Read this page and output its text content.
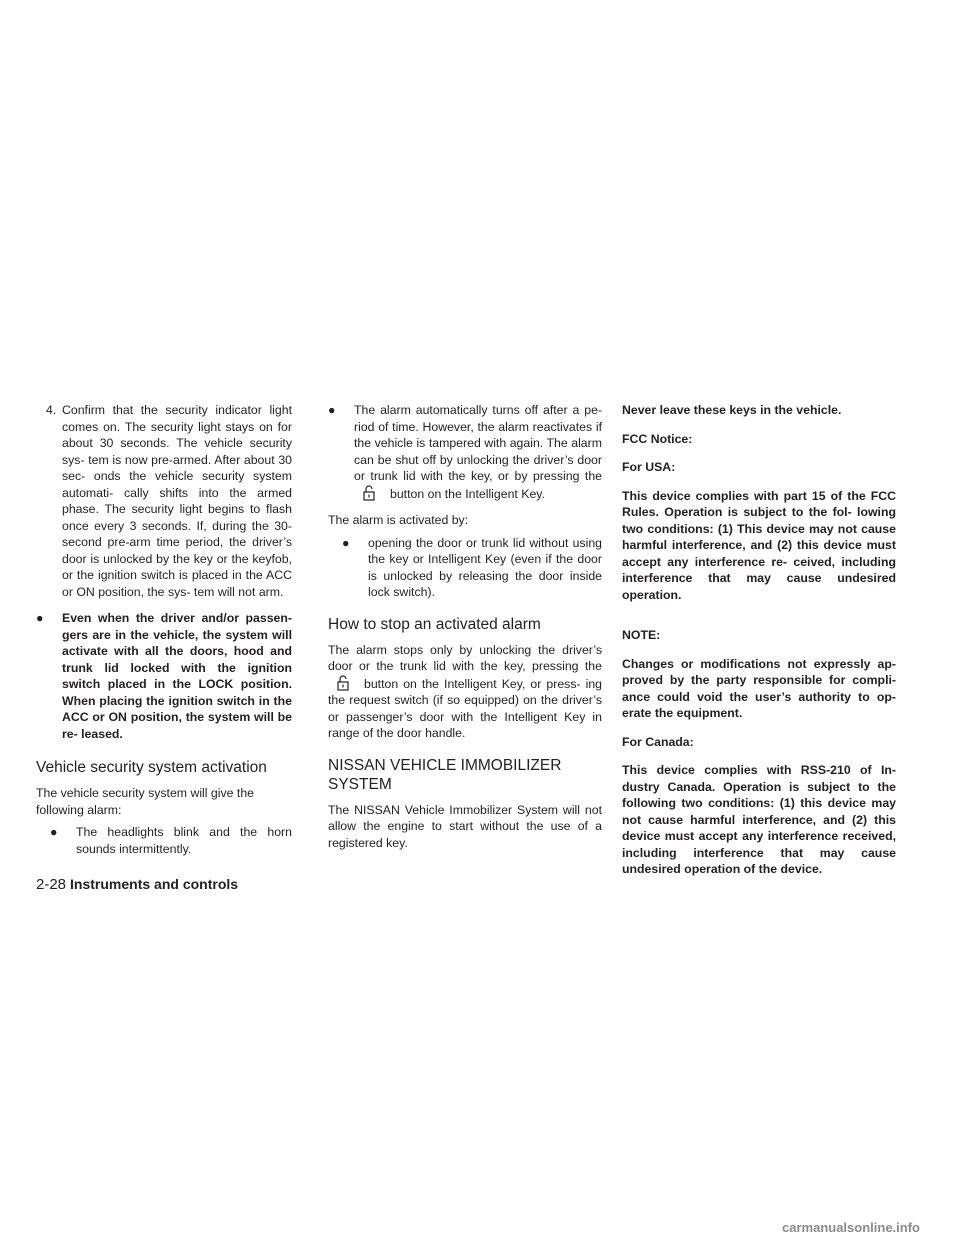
4. Confirm that the security indicator light comes on. The security light stays on for about 30 seconds. The vehicle security sys- tem is now pre-armed. After about 30 sec- onds the vehicle security system automati- cally shifts into the armed phase. The security light begins to flash once every 3 seconds. If, during the 30-second pre-arm time period, the driver’s door is unlocked by the key or the keyfob, or the ignition switch is placed in the ACC or ON position, the sys- tem will not arm.
● Even when the driver and/or passen- gers are in the vehicle, the system will activate with all the doors, hood and trunk lid locked with the ignition switch placed in the LOCK position. When placing the ignition switch in the ACC or ON position, the system will be re- leased.
Vehicle security system activation

The vehicle security system will give the following alarm:

● The headlights blink and the horn sounds intermittently.
● The alarm automatically turns off after a pe- riod of time. However, the alarm reactivates if the vehicle is tampered with again. The alarm can be shut off by unlocking the driver’s door or trunk lid with the key, or by pressing thebutton on the Intelligent Key.

The alarm is activated by:

● opening the door or trunk lid without using the key or Intelligent Key (even if the door is unlocked by releasing the door inside lock switch).
How to stop an activated alarm

The alarm stops only by unlocking the driver’s door or the trunk lid with the key, pressing thebutton on the Intelligent Key, or press- ing the request switch (if so equipped) on the driver’s or passenger’s door with the Intelligent Key in range of the door handle.

NISSAN VEHICLE IMMOBILIZER
SYSTEM

The NISSAN Vehicle Immobilizer System will not allow the engine to start without the use of a registered key.

Never leave these keys in the vehicle.

FCC Notice:

For USA:

This device complies with part 15 of the FCC Rules. Operation is subject to the fol- lowing two conditions: (1) This device may not cause harmful interference, and (2) this device must accept any interference re- ceived, including interference that may cause undesired operation.

NOTE:

Changes or modifications not expressly ap- proved by the party responsible for compli- ance could void the user’s authority to op- erate the equipment.

For Canada:

This device complies with RSS-210 of In- dustry Canada. Operation is subject to the following two conditions: (1) this device may not cause harmful interference, and (2) this device must accept any interference received, including interference that may cause undesired operation of the device.

2-28 Instruments and controls
carmanualsonline.info
